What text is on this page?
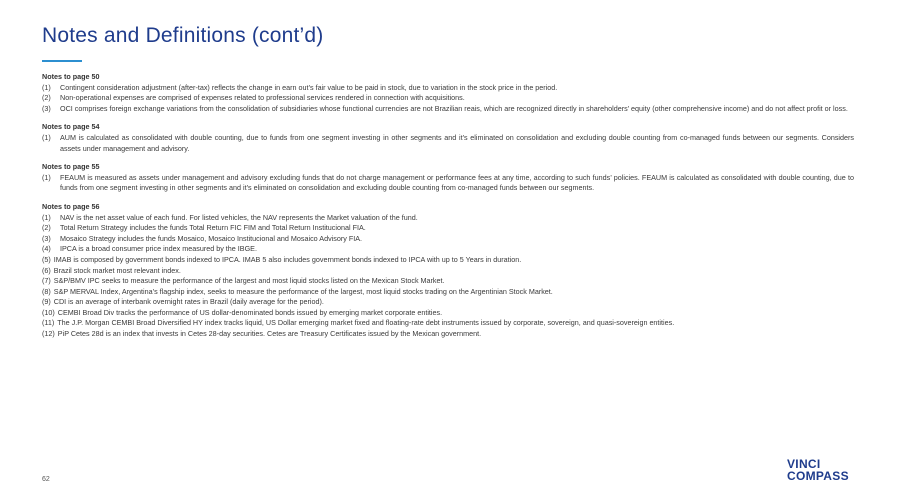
Notes and Definitions (cont’d)

Notes to page 50

(1)	Contingent consideration adjustment (after-tax) reflects the change in earn out’s fair value to be paid in stock, due to variation in the stock price in the period.
(2)	Non-operational expenses are comprised of expenses related to professional services rendered in connection with acquisitions.
(3)	OCI comprises foreign exchange variations from the consolidation of subsidiaries whose functional currencies are not Brazilian reais, which are recognized directly in shareholders’ equity (other comprehensive income) and do not affect profit or loss.

Notes to page 54

(1)	AUM is calculated as consolidated with double counting, due to funds from one segment investing in other segments and it’s eliminated on consolidation and excluding double counting from co-managed funds between our segments. Considers assets under management and advisory.

Notes to page 55

(1)	FEAUM is measured as assets under management and advisory excluding funds that do not charge management or performance fees at any time, according to such funds’ policies. FEAUM is calculated as consolidated with double counting, due to funds from one segment investing in other segments and it’s eliminated on consolidation and excluding double counting from co-managed funds between our segments.

Notes to page 56

(1)	NAV is the net asset value of each fund. For listed vehicles, the NAV represents the Market valuation of the fund.
(2)	Total Return Strategy includes the funds Total Return FIC FIM and Total Return Institucional FIA.
(3)	Mosaico Strategy includes the funds Mosaico, Mosaico Institucional and Mosaico Advisory FIA.
(4)	IPCA is a broad consumer price index measured by the IBGE.
(5) IMAB is composed by government bonds indexed to IPCA. IMAB 5 also includes government bonds indexed to IPCA with up to 5 Years in duration.
(6) Brazil stock market most relevant index.
(7) S&P/BMV IPC seeks to measure the performance of the largest and most liquid stocks listed on the Mexican Stock Market.
(8) S&P MERVAL Index, Argentina’s flagship index, seeks to measure the performance of the largest, most liquid stocks trading on the Argentinian Stock Market.
(9) CDI is an average of interbank overnight rates in Brazil (daily average for the period).
(10) CEMBI Broad Div tracks the performance of US dollar-denominated bonds issued by emerging market corporate entities.
(11) The J.P. Morgan CEMBI Broad Diversified HY index tracks liquid, US Dollar emerging market fixed and floating-rate debt instruments issued by corporate, sovereign, and quasi-sovereign entities.
(12) PiP Cetes 28d is an index that invests in Cetes 28-day securities. Cetes are Treasury Certificates issued by the Mexican government.
62
VINCI
COMPASS
